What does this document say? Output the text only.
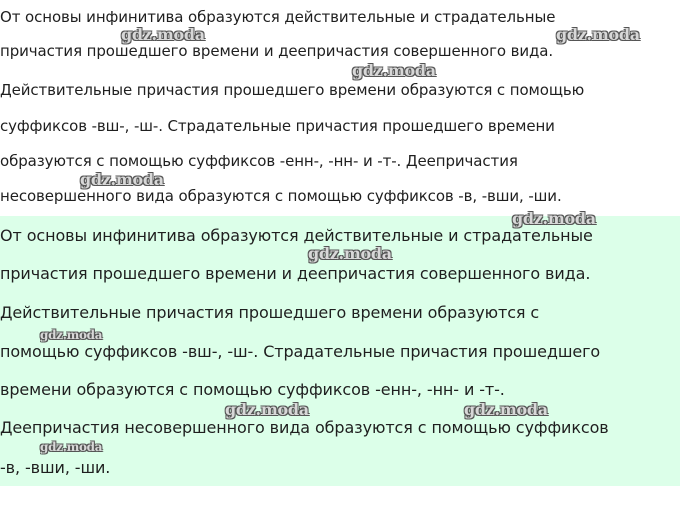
От основы инфинитива образуются действительные и страдательные

причастия прошедшего времени и деепричастия совершенного вида.

Действительные причастия прошедшего времени образуются с помощью

суффиксов -вш-, -ш-. Страдательные причастия прошедшего времени

образуются с помощью суффиксов -енн-, -нн- и -т-. Деепричастия

несовершенного вида образуются с помощью суффиксов -в, -вши, -ши.

От основы инфинитива образуются действительные и страдательные

причастия прошедшего времени и деепричастия совершенного вида.

Действительные причастия прошедшего времени образуются с

помощью суффиксов -вш-, -ш-. Страдательные причастия прошедшего

времени образуются с помощью суффиксов -енн-, -нн- и -т-.

Деепричастия несовершенного вида образуются с помощью суффиксов

-в, -вши, -ши.

gdz.moda	gdz.moda
gdz.moda
gdz.moda
gdz.moda
gdz.moda
gdz.moda
gdz.moda	gdz.moda
gdz.moda
